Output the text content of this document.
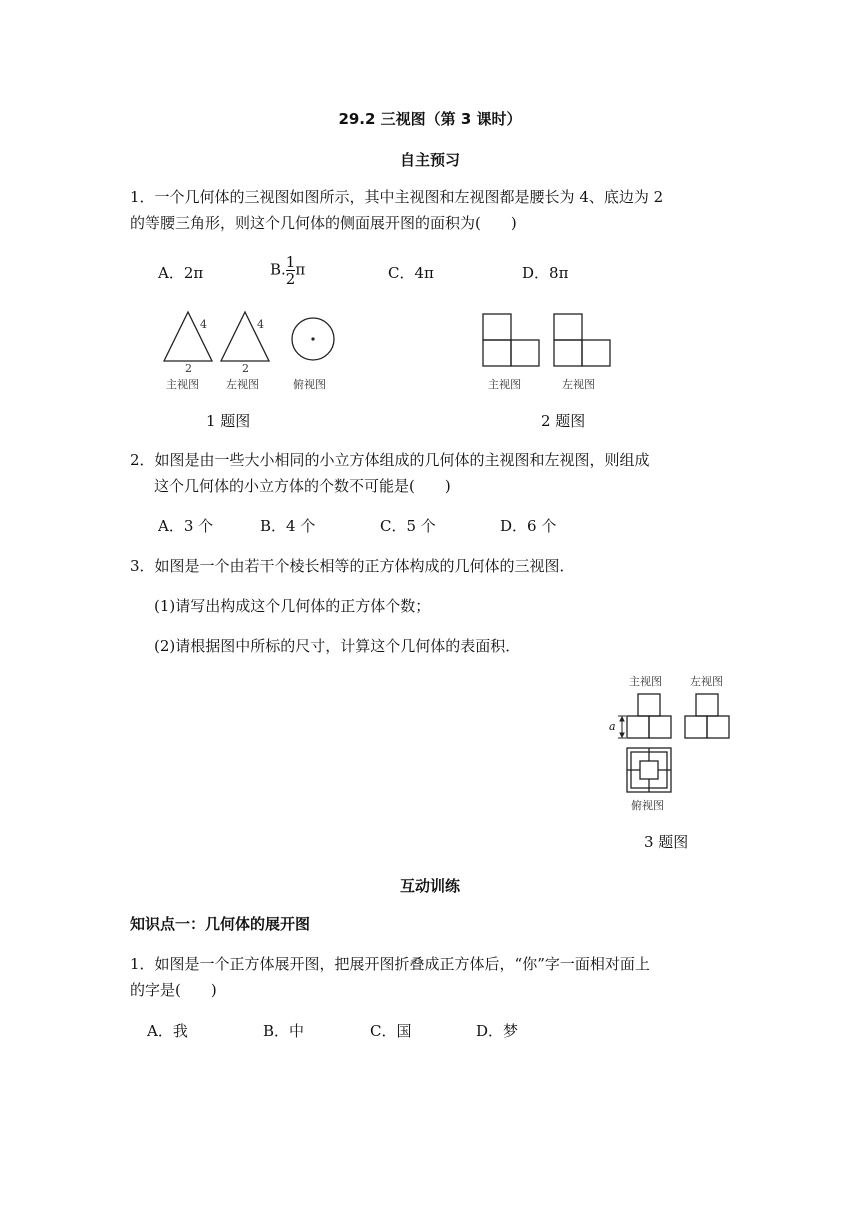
29.2 三视图（第 3 课时）
自主预习
1．一个几何体的三视图如图所示，其中主视图和左视图都是腰长为 4、底边为 2
的等腰三角形，则这个几何体的侧面展开图的面积为(　　)
A．2π	B. $\frac{1}{2}$ π	C．4π	D．8π
4	4
2	2
主视图 左视图	俯视图
1 题图
主视图	左视图
2 题图
2．如图是由一些大小相同的小立方体组成的几何体的主视图和左视图，则组成
这个几何体的小立方体的个数不可能是(　　)
A．3 个	B．4 个	C．5 个	D．6 个
3．如图是一个由若干个棱长相等的正方体构成的几何体的三视图．
(1)请写出构成这个几何体的正方体个数；
(2)请根据图中所标的尺寸，计算这个几何体的表面积．
主视图	左视图
a
俯视图
3 题图
互动训练
知识点一：几何体的展开图
1．如图是一个正方体展开图，把展开图折叠成正方体后，“你”字一面相对面上
的字是(　　)
A．我	B．中	C．国	D．梦
